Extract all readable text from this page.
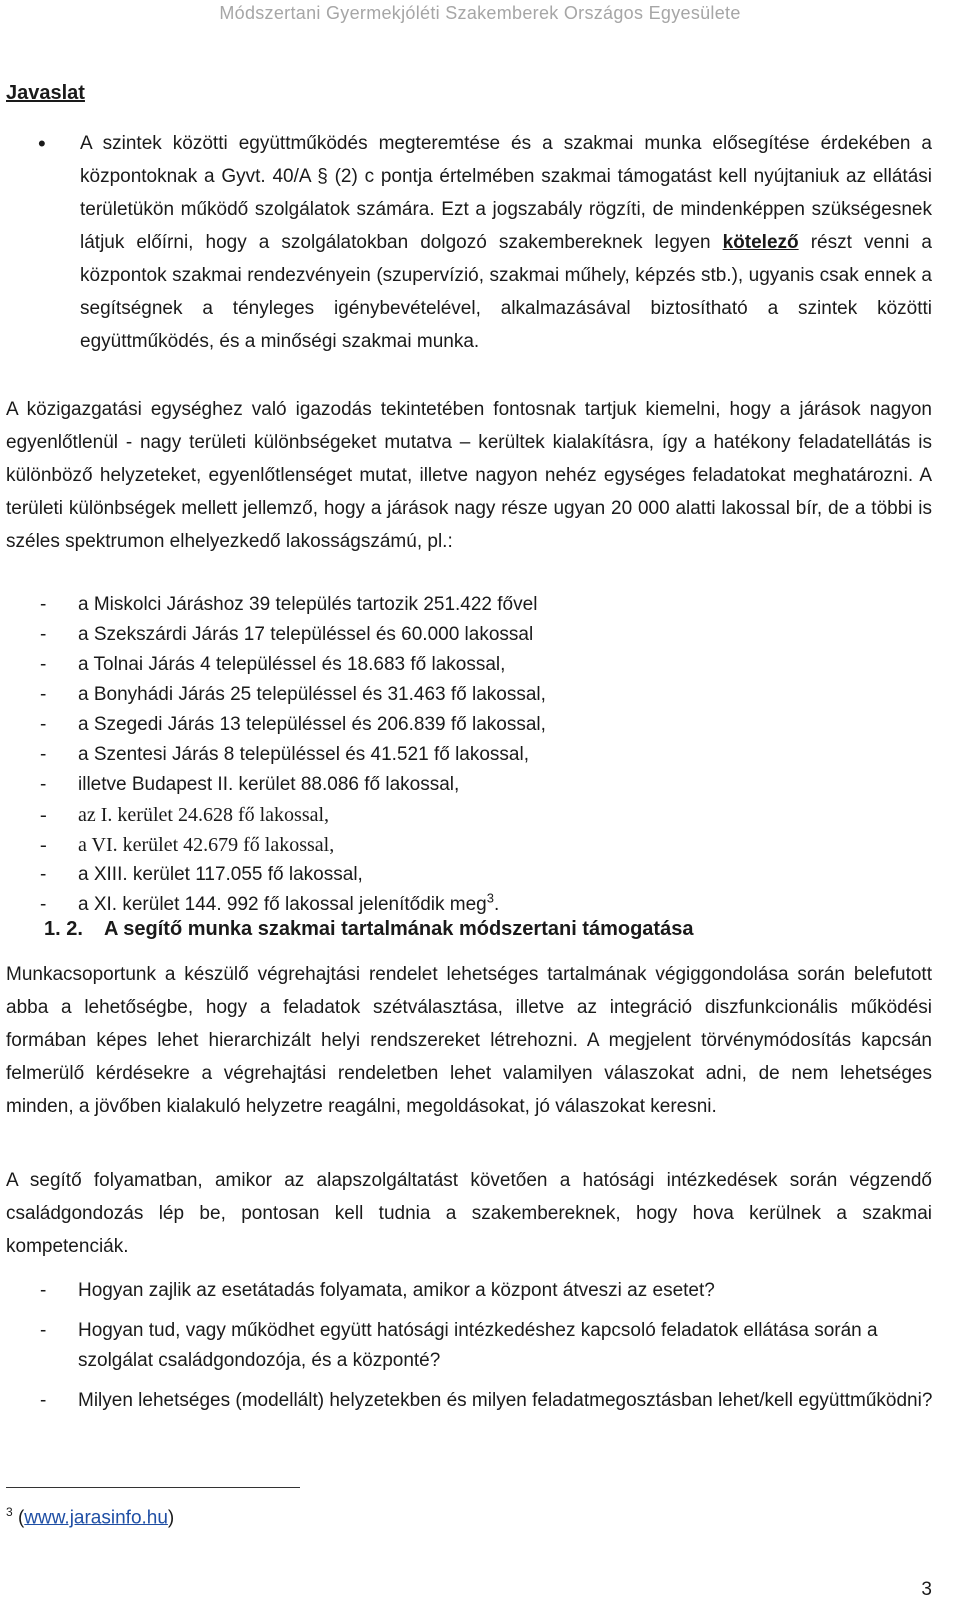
Módszertani Gyermekjóléti Szakemberek Országos Egyesülete
Javaslat
• A szintek közötti együttműködés megteremtése és a szakmai munka elősegítése érdekében a központoknak a Gyvt. 40/A § (2) c pontja értelmében szakmai támogatást kell nyújtaniuk az ellátási területükön működő szolgálatok számára. Ezt a jogszabály rögzíti, de mindenképpen szükségesnek látjuk előírni, hogy a szolgálatokban dolgozó szakembereknek legyen kötelező részt venni a központok szakmai rendezvényein (szupervízió, szakmai műhely, képzés stb.), ugyanis csak ennek a segítségnek a tényleges igénybevételével, alkalmazásával biztosítható a szintek közötti együttműködés, és a minőségi szakmai munka.
A közigazgatási egységhez való igazodás tekintetében fontosnak tartjuk kiemelni, hogy a járások nagyon egyenlőtlenül - nagy területi különbségeket mutatva – kerültek kialakításra, így a hatékony feladatellátás is különböző helyzeteket, egyenlőtlenséget mutat, illetve nagyon nehéz egységes feladatokat meghatározni. A területi különbségek mellett jellemző, hogy a járások nagy része ugyan 20 000 alatti lakossal bír, de a többi is széles spektrumon elhelyezkedő lakosságszámú, pl.:
-	a Miskolci Járáshoz 39 település tartozik 251.422 fővel
-	a Szekszárdi Járás 17 településsel és 60.000 lakossal
-	a Tolnai Járás 4 településsel és 18.683 fő lakossal,
-	a Bonyhádi Járás 25 településsel és 31.463 fő lakossal,
-	a Szegedi Járás 13 településsel és 206.839 fő lakossal,
-	a Szentesi Járás 8 településsel és 41.521 fő lakossal,
-	illetve Budapest II. kerület 88.086 fő lakossal,
-	az I. kerület 24.628 fő lakossal,
-	a VI. kerület 42.679 fő lakossal,
-	a XIII. kerület 117.055 fő lakossal,
-	a XI. kerület 144. 992 fő lakossal jelenítődik meg$^3$.
1. 2. A segítő munka szakmai tartalmának módszertani támogatása
Munkacsoportunk a készülő végrehajtási rendelet lehetséges tartalmának végiggondolása során belefutott abba a lehetőségbe, hogy a feladatok szétválasztása, illetve az integráció diszfunkcionális működési formában képes lehet hierarchizált helyi rendszereket létrehozni. A megjelent törvénymódosítás kapcsán felmerülő kérdésekre a végrehajtási rendeletben lehet valamilyen válaszokat adni, de nem lehetséges minden, a jövőben kialakuló helyzetre reagálni, megoldásokat, jó válaszokat keresni.
A segítő folyamatban, amikor az alapszolgáltatást követően a hatósági intézkedések során végzendő családgondozás lép be, pontosan kell tudnia a szakembereknek, hogy hova kerülnek a szakmai kompetenciák.
-	Hogyan zajlik az esetátadás folyamata, amikor a központ átveszi az esetet?
-	Hogyan tud, vagy működhet együtt hatósági intézkedéshez kapcsoló feladatok ellátása során a szolgálat családgondozója, és a központé?
-	Milyen lehetséges (modellált) helyzetekben és milyen feladatmegosztásban lehet/kell együttműködni?
$^3$ (www.jarasinfo.hu)
3
